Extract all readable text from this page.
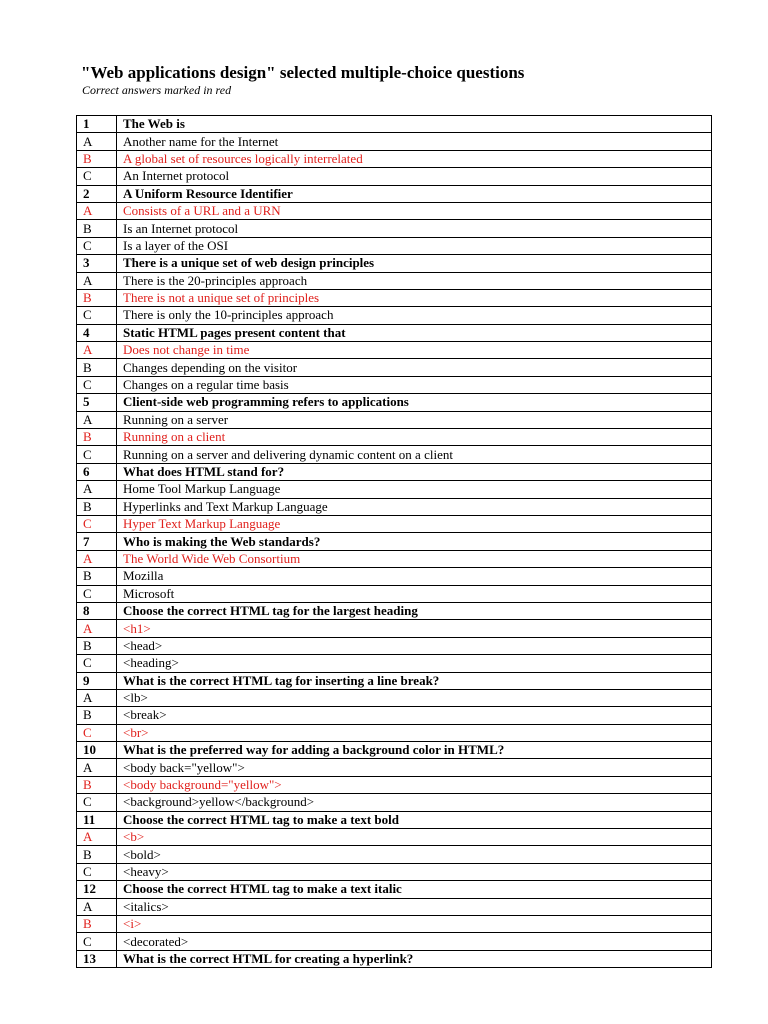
"Web applications design" selected multiple-choice questions

Correct answers marked in red

1	The Web is
A	Another name for the Internet
B	A global set of resources logically interrelated
C	An Internet protocol
2	A Uniform Resource Identifier
A	Consists of a URL and a URN
B	Is an Internet protocol
C	Is a layer of the OSI
3	There is a unique set of web design principles
A	There is the 20-principles approach
B	There is not a unique set of principles
C	There is only the 10-principles approach
4	Static HTML pages present content that
A	Does not change in time
B	Changes depending on the visitor
C	Changes on a regular time basis
5	Client-side web programming refers to applications
A	Running on a server
B	Running on a client
C	Running on a server and delivering dynamic content on a client
6	What does HTML stand for?
A	Home Tool Markup Language
B	Hyperlinks and Text Markup Language
C	Hyper Text Markup Language
7	Who is making the Web standards?
A	The World Wide Web Consortium
B	Mozilla
C	Microsoft
8	Choose the correct HTML tag for the largest heading
A	<h1>
B	<head>
C	<heading>
9	What is the correct HTML tag for inserting a line break?
A	<lb>
B	<break>
C	<br>
10	What is the preferred way for adding a background color in HTML?
A	<body back="yellow">
B	<body background="yellow">
C	<background>yellow</background>
11	Choose the correct HTML tag to make a text bold
A	<b>
B	<bold>
C	<heavy>
12	Choose the correct HTML tag to make a text italic
A	<italics>
B	<i>
C	<decorated>
13	What is the correct HTML for creating a hyperlink?
